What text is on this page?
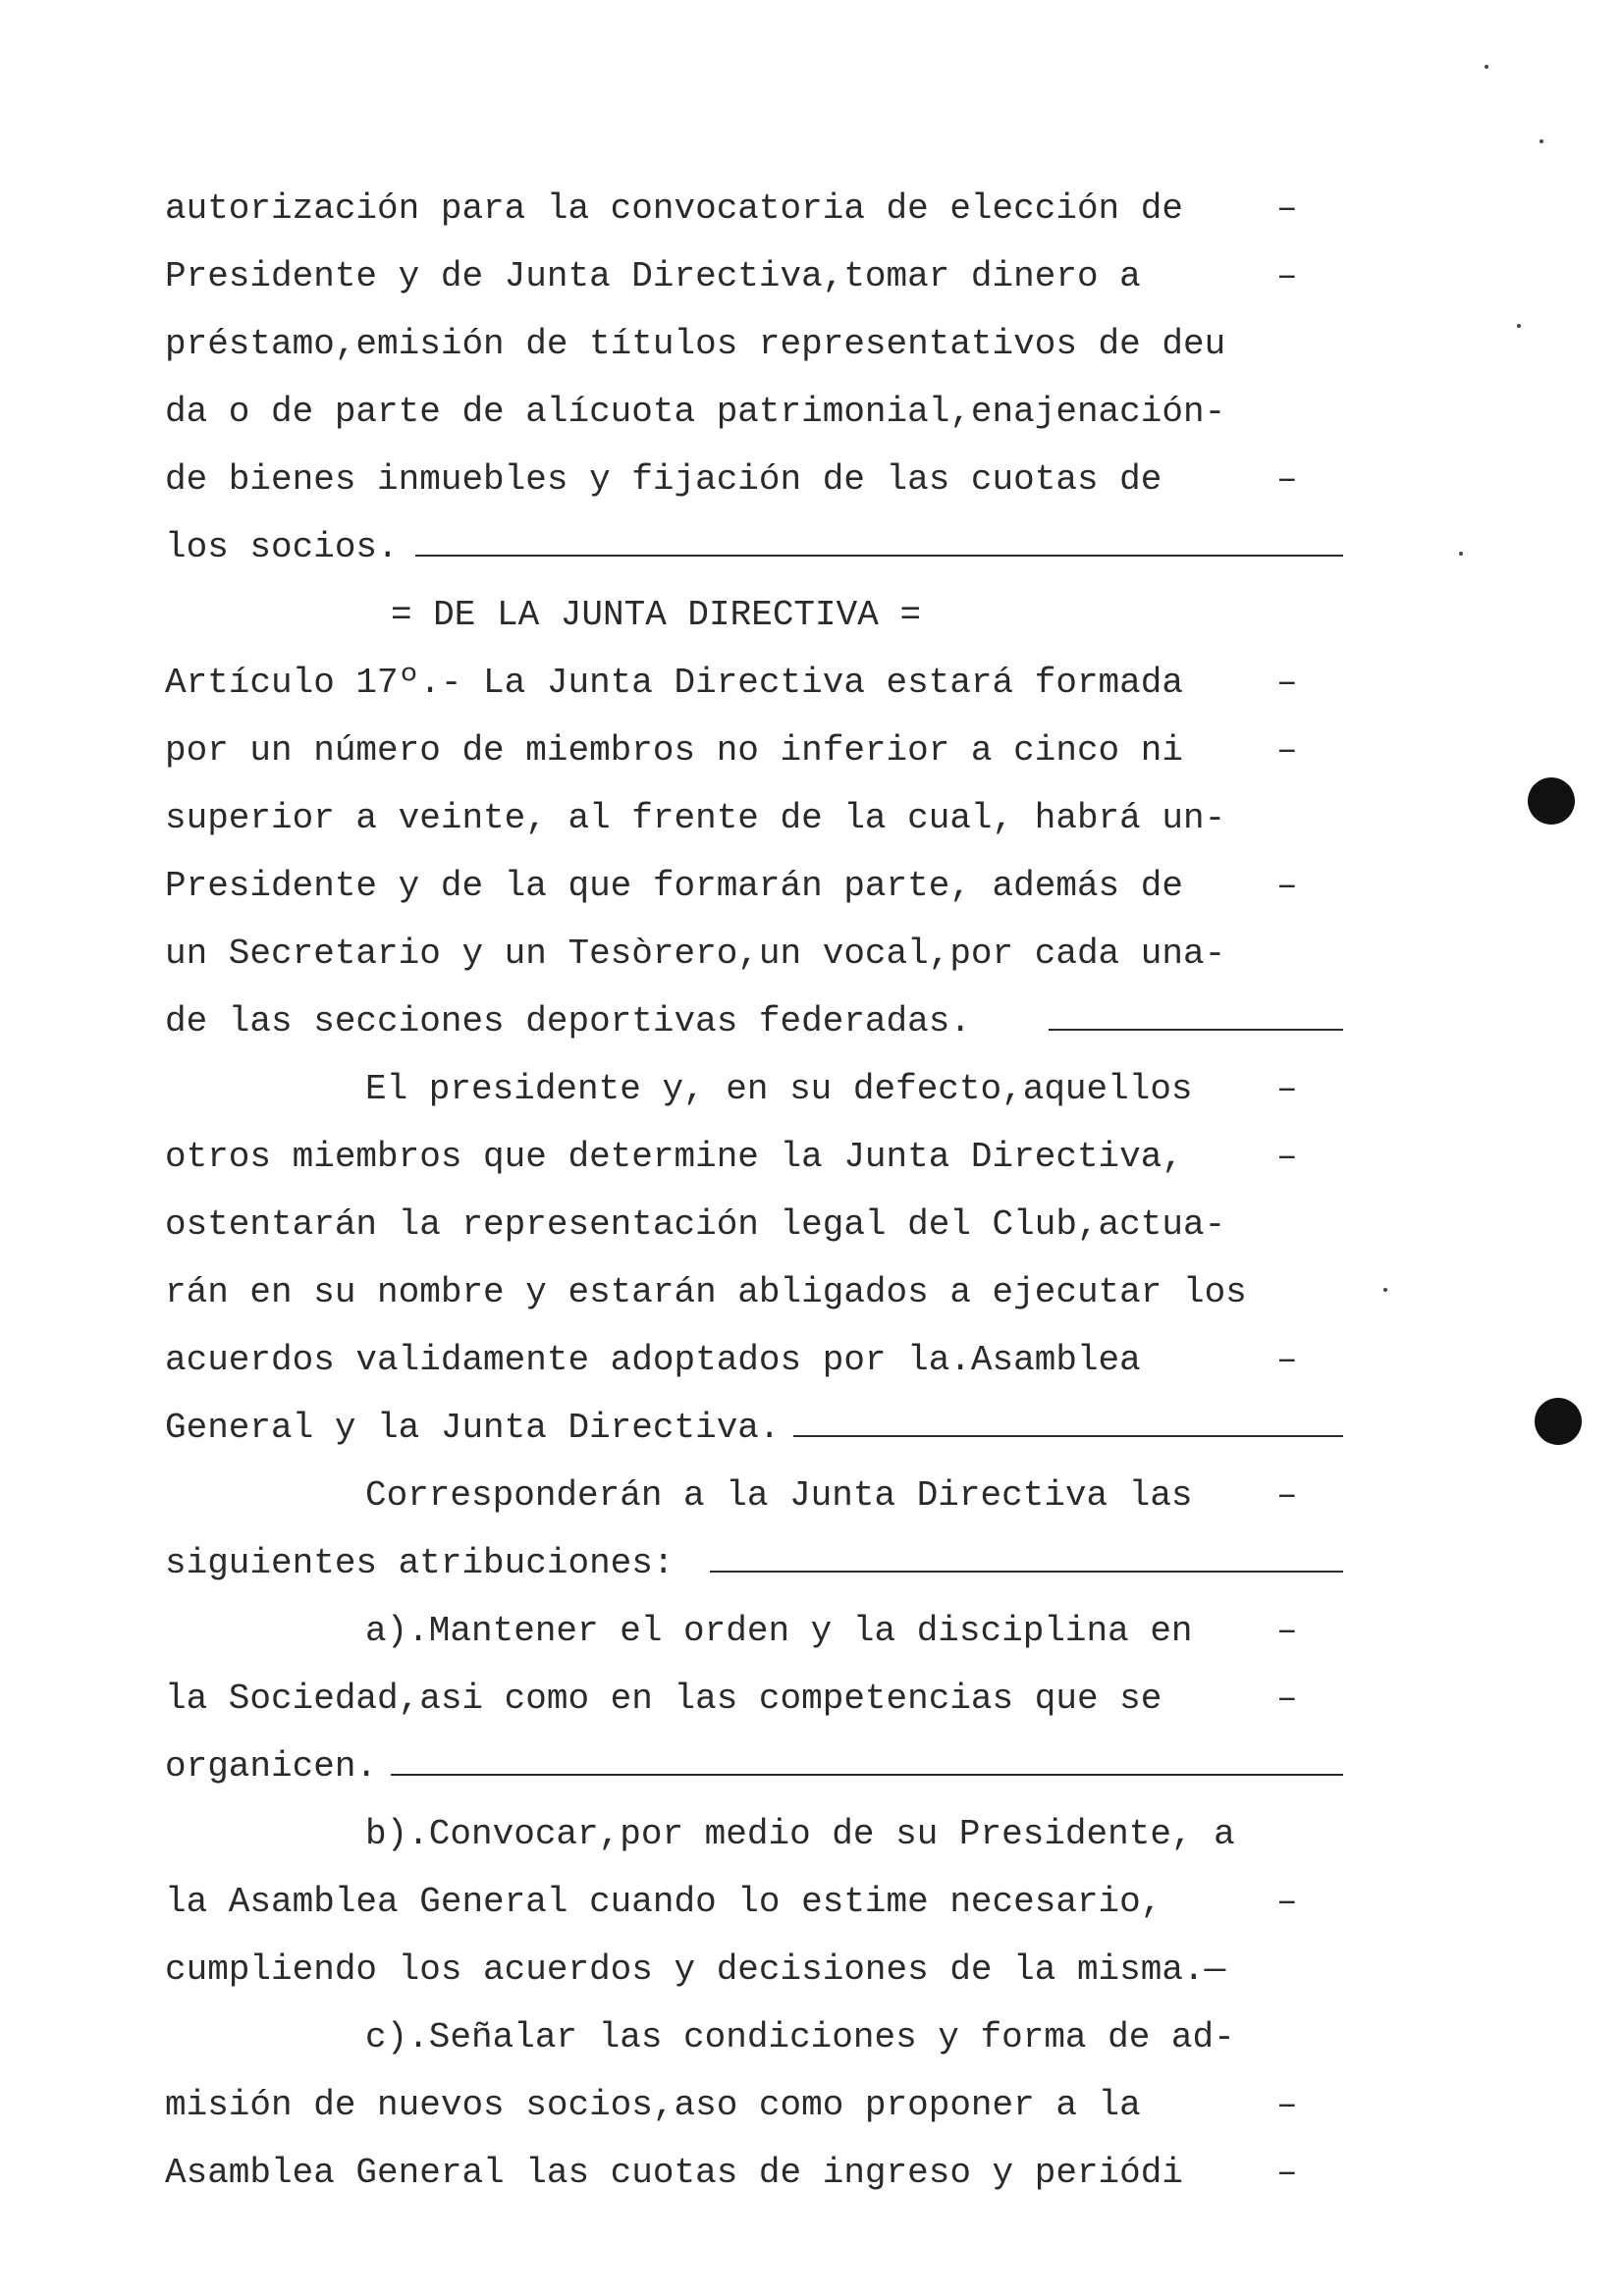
autorización para la convocatoria de elección de	–
Presidente y de Junta Directiva,tomar dinero a	–
préstamo,emisión de títulos representativos de deu
da o de parte de alícuota patrimonial,enajenación-
de bienes inmuebles y fijación de las cuotas de	–
los socios.
= DE LA JUNTA DIRECTIVA =
Artículo 17º.- La Junta Directiva estará formada	–
por un número de miembros no inferior a cinco ni	–
superior a veinte, al frente de la cual, habrá un-
Presidente y de la que formarán parte, además de	–
un Secretario y un Tesòrero,un vocal,por cada una-
de las secciones deportivas federadas.
El presidente y, en su defecto,aquellos –
otros miembros que determine la Junta Directiva,	–
ostentarán la representación legal del Club,actua-
rán en su nombre y estarán abligados a ejecutar los
acuerdos validamente adoptados por la.Asamblea	–
General y la Junta Directiva.
Corresponderán a la Junta Directiva las –
siguientes atribuciones:
a).Mantener el orden y la disciplina en –
la Sociedad,asi como en las competencias que se	–
organicen.
b).Convocar,por medio de su Presidente, a
la Asamblea General cuando lo estime necesario,	–
cumpliendo los acuerdos y decisiones de la misma.—
c).Señalar las condiciones y forma de ad-
misión de nuevos socios,aso como proponer a la	–
Asamblea General las cuotas de ingreso y periódi	–
